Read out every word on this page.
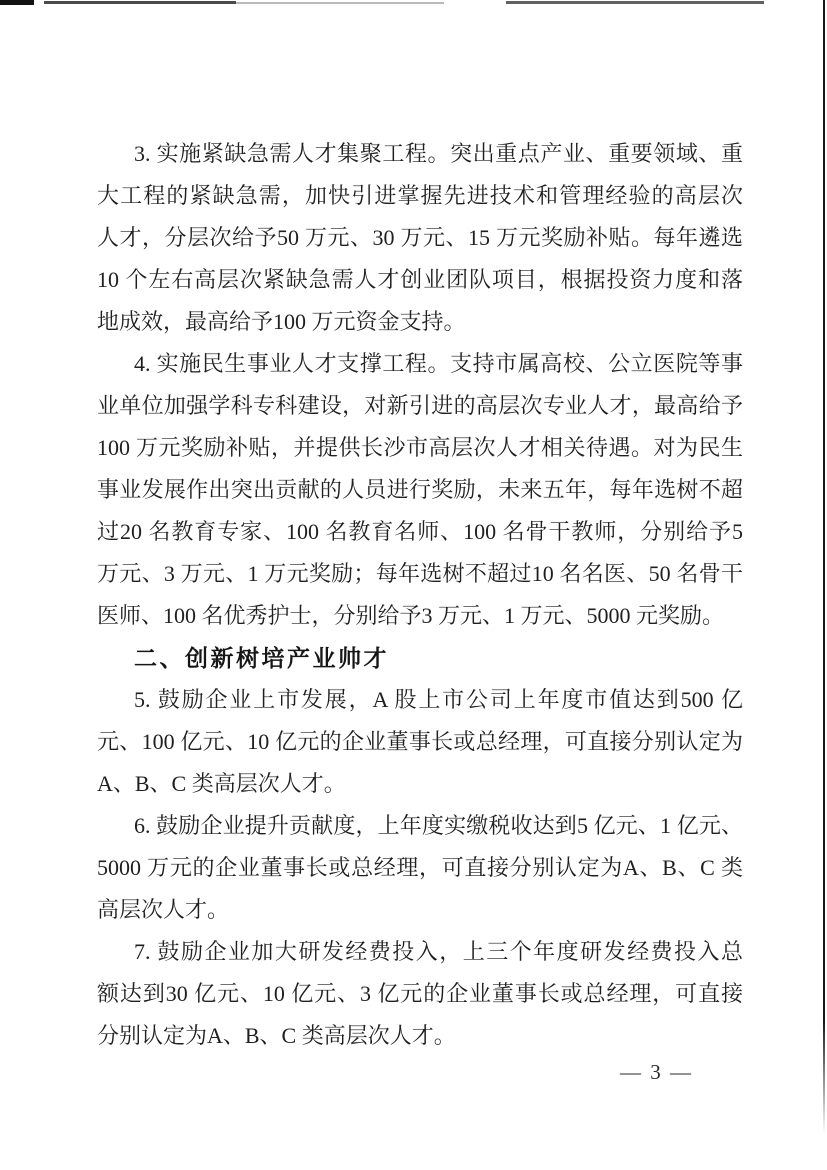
3. 实施紧缺急需人才集聚工程。突出重点产业、重要领域、重
大工程的紧缺急需，加快引进掌握先进技术和管理经验的高层次
人才，分层次给予50 万元、30 万元、15 万元奖励补贴。每年遴选
10 个左右高层次紧缺急需人才创业团队项目，根据投资力度和落
地成效，最高给予100 万元资金支持。
4. 实施民生事业人才支撑工程。支持市属高校、公立医院等事
业单位加强学科专科建设，对新引进的高层次专业人才，最高给予
100 万元奖励补贴，并提供长沙市高层次人才相关待遇。对为民生
事业发展作出突出贡献的人员进行奖励，未来五年，每年选树不超
过20 名教育专家、100 名教育名师、100 名骨干教师，分别给予5
万元、3 万元、1 万元奖励；每年选树不超过10 名名医、50 名骨干
医师、100 名优秀护士，分别给予3 万元、1 万元、5000 元奖励。
二、创新树培产业帅才
5. 鼓励企业上市发展，A 股上市公司上年度市值达到500 亿
元、100 亿元、10 亿元的企业董事长或总经理，可直接分别认定为
A、B、C 类高层次人才。
6. 鼓励企业提升贡献度，上年度实缴税收达到5 亿元、1 亿元、
5000 万元的企业董事长或总经理，可直接分别认定为A、B、C 类
高层次人才。
7. 鼓励企业加大研发经费投入，上三个年度研发经费投入总
额达到30 亿元、10 亿元、3 亿元的企业董事长或总经理，可直接
分别认定为A、B、C 类高层次人才。
— 3 —
